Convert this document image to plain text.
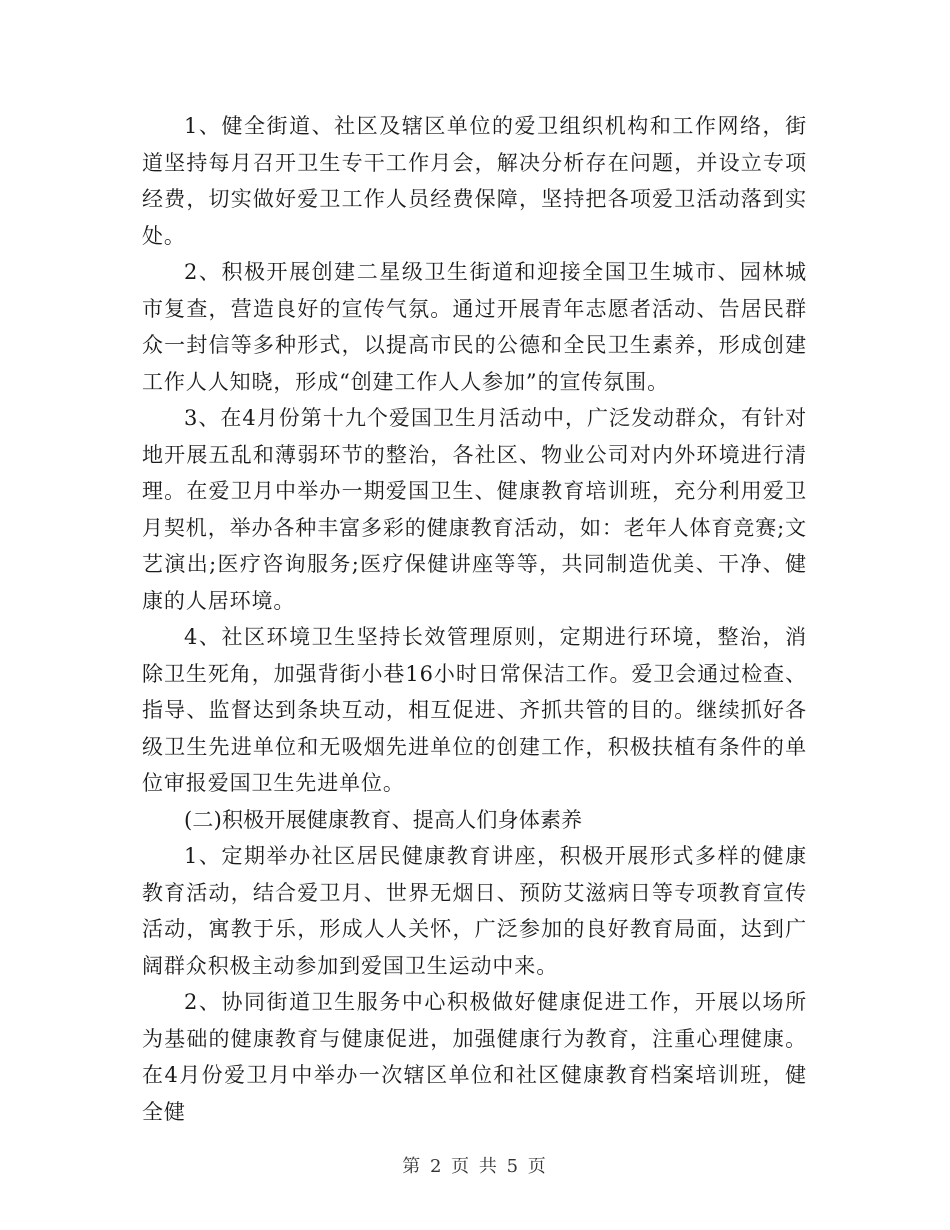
1、健全街道、社区及辖区单位的爱卫组织机构和工作网络，街道坚持每月召开卫生专干工作月会，解决分析存在问题，并设立专项经费，切实做好爱卫工作人员经费保障，坚持把各项爱卫活动落到实处。

2、积极开展创建二星级卫生街道和迎接全国卫生城市、园林城市复查，营造良好的宣传气氛。通过开展青年志愿者活动、告居民群众一封信等多种形式，以提高市民的公德和全民卫生素养，形成创建工作人人知晓，形成“创建工作人人参加”的宣传氛围。

3、在4月份第十九个爱国卫生月活动中，广泛发动群众，有针对地开展五乱和薄弱环节的整治，各社区、物业公司对内外环境进行清理。在爱卫月中举办一期爱国卫生、健康教育培训班，充分利用爱卫月契机，举办各种丰富多彩的健康教育活动，如：老年人体育竞赛;文艺演出;医疗咨询服务;医疗保健讲座等等，共同制造优美、干净、健康的人居环境。

4、社区环境卫生坚持长效管理原则，定期进行环境，整治，消除卫生死角，加强背街小巷16小时日常保洁工作。爱卫会通过检查、指导、监督达到条块互动，相互促进、齐抓共管的目的。继续抓好各级卫生先进单位和无吸烟先进单位的创建工作，积极扶植有条件的单位审报爱国卫生先进单位。

(二)积极开展健康教育、提高人们身体素养

1、定期举办社区居民健康教育讲座，积极开展形式多样的健康教育活动，结合爱卫月、世界无烟日、预防艾滋病日等专项教育宣传活动，寓教于乐，形成人人关怀，广泛参加的良好教育局面，达到广阔群众积极主动参加到爱国卫生运动中来。

2、协同街道卫生服务中心积极做好健康促进工作，开展以场所为基础的健康教育与健康促进，加强健康行为教育，注重心理健康。在4月份爱卫月中举办一次辖区单位和社区健康教育档案培训班，健全健

第 2 页 共 5 页
